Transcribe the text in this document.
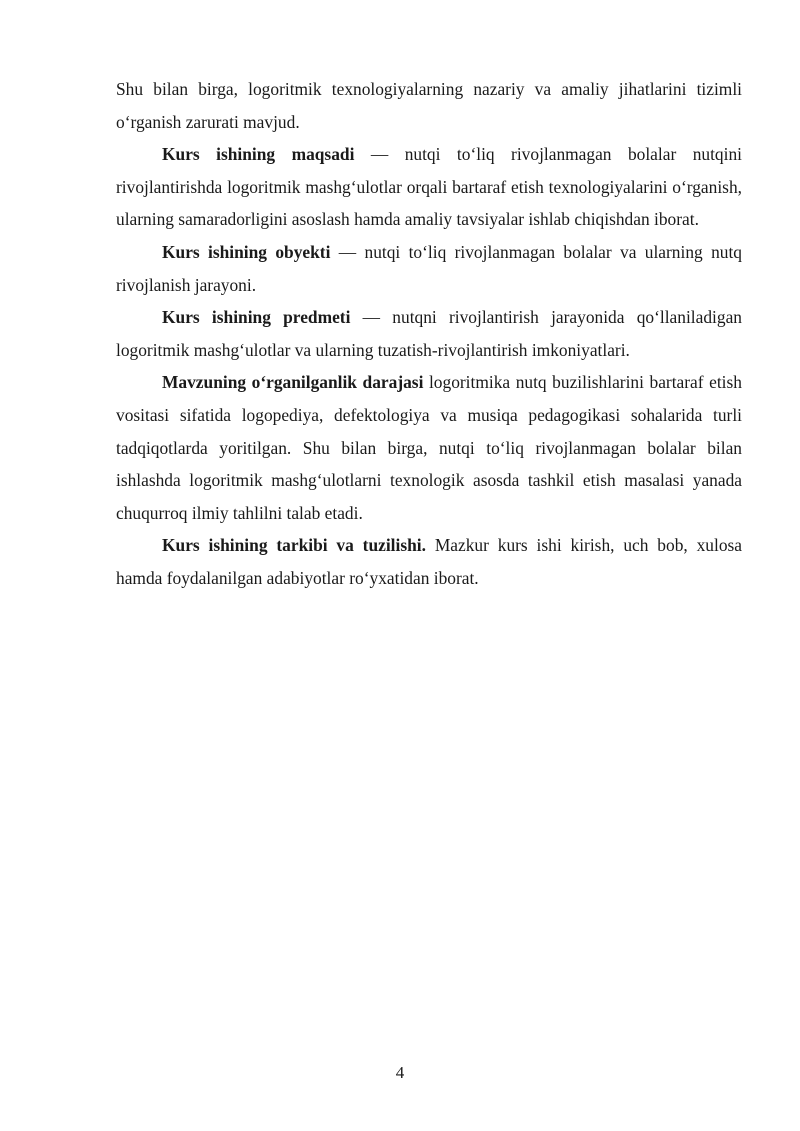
Shu bilan birga, logoritmik texnologiyalarning nazariy va amaliy jihatlarini tizimli o‘rganish zarurati mavjud.

Kurs ishining maqsadi — nutqi to‘liq rivojlanmagan bolalar nutqini rivojlantirishda logoritmik mashg‘ulotlar orqali bartaraf etish texnologiyalarini o‘rganish, ularning samaradorligini asoslash hamda amaliy tavsiyalar ishlab chiqishdan iborat.

Kurs ishining obyekti — nutqi to‘liq rivojlanmagan bolalar va ularning nutq rivojlanish jarayoni.

Kurs ishining predmeti — nutqni rivojlantirish jarayonida qo‘llaniladigan logoritmik mashg‘ulotlar va ularning tuzatish-rivojlantirish imkoniyatlari.

Mavzuning o‘rganilganlik darajasi logoritmika nutq buzilishlarini bartaraf etish vositasi sifatida logopediya, defektologiya va musiqa pedagogikasi sohalarida turli tadqiqotlarda yoritilgan. Shu bilan birga, nutqi to‘liq rivojlanmagan bolalar bilan ishlashda logoritmik mashg‘ulotlarni texnologik asosda tashkil etish masalasi yanada chuqurroq ilmiy tahlilni talab etadi.

Kurs ishining tarkibi va tuzilishi. Mazkur kurs ishi kirish, uch bob, xulosa hamda foydalanilgan adabiyotlar ro‘yxatidan iborat.

4
